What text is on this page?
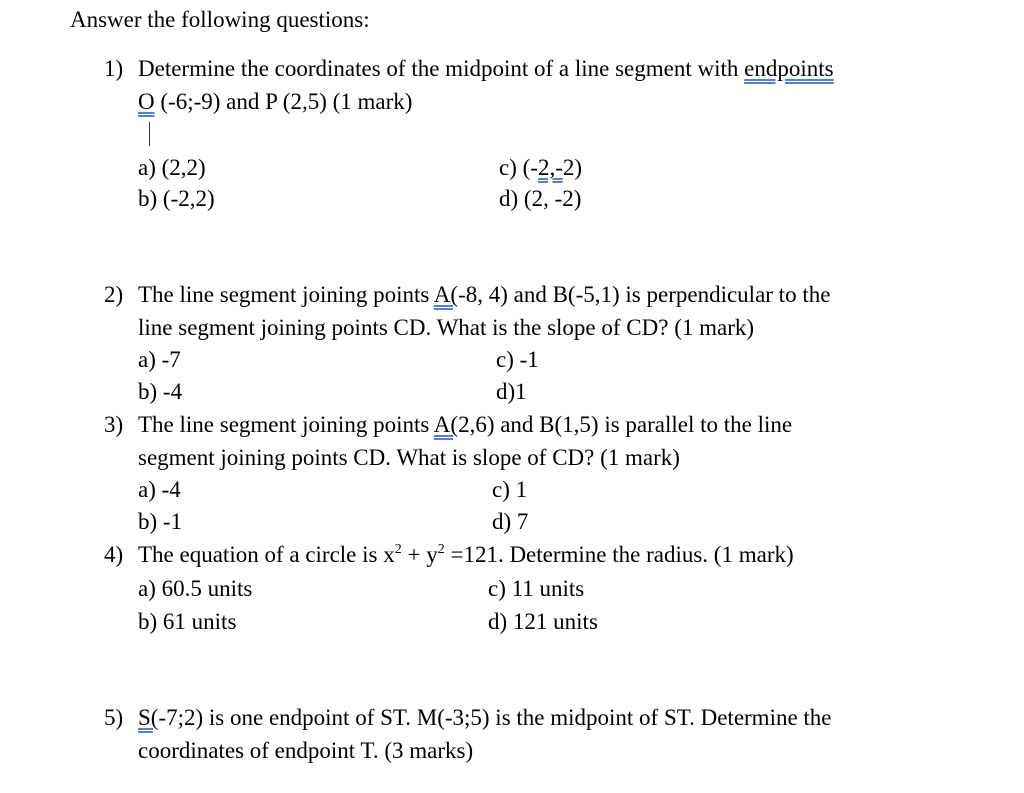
Answer the following questions:
1) Determine the coordinates of the midpoint of a line segment with endpoints
O (-6;-9) and P (2,5) (1 mark)
a) (2,2)
b) (-2,2)
c) (-2,-2)
d) (2, -2)
2) The line segment joining points A(-8, 4) and B(-5,1) is perpendicular to the
line segment joining points CD. What is the slope of CD? (1 mark)
a) -7
b) -4
c) -1
d)1
3) The line segment joining points A(2,6) and B(1,5) is parallel to the line
segment joining points CD. What is slope of CD? (1 mark)
a) -4
b) -1
c) 1
d) 7
4) The equation of a circle is $x^2 + y^2 =121$. Determine the radius. (1 mark)
a) 60.5 units
b) 61 units
c) 11 units
d) 121 units
5) S(-7;2) is one endpoint of ST. M(-3;5) is the midpoint of ST. Determine the
coordinates of endpoint T. (3 marks)
